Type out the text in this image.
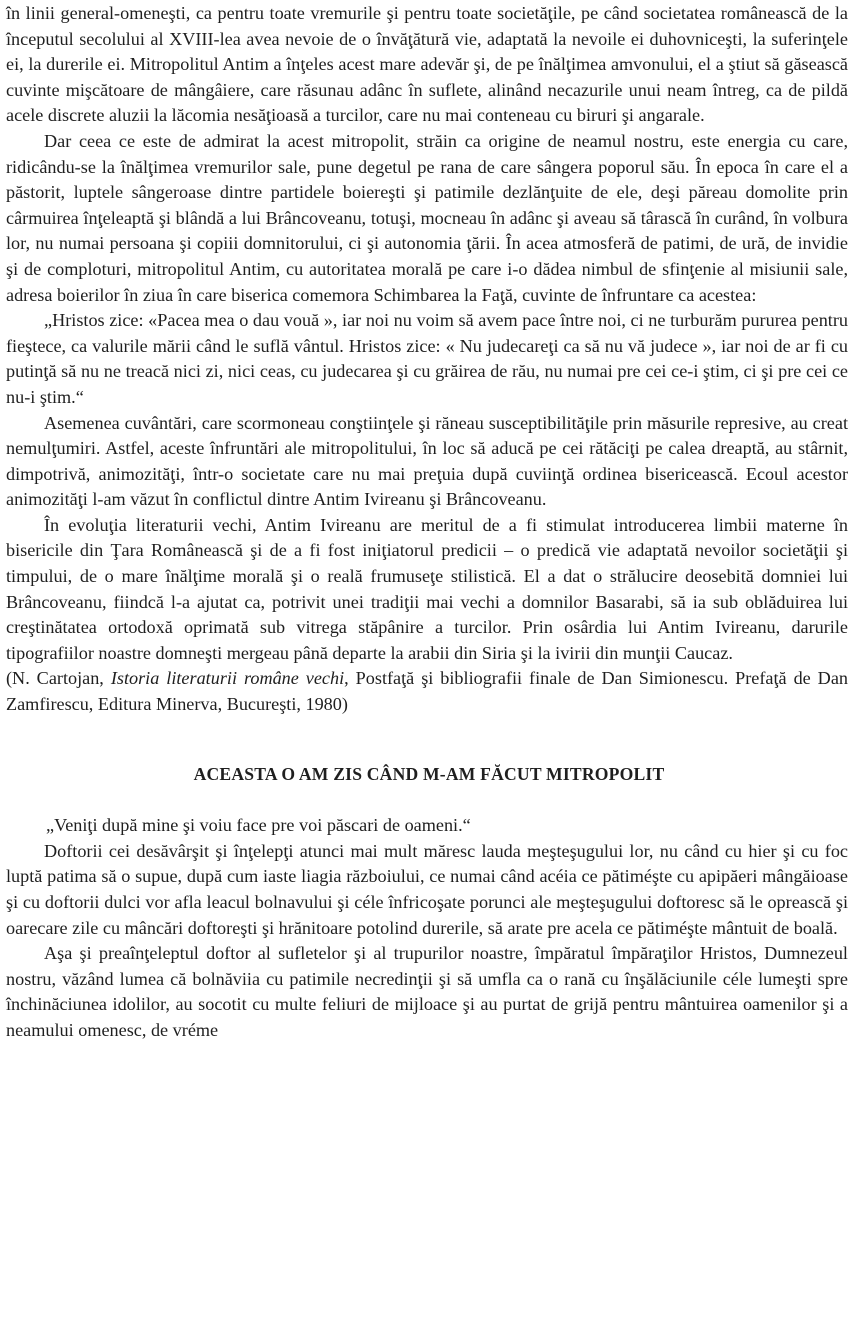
în linii general-omeneşti, ca pentru toate vremurile şi pentru toate societăţile, pe când societatea românească de la începutul secolului al XVIII-lea avea nevoie de o învăţătură vie, adaptată la nevoile ei duhovniceşti, la suferinţele ei, la durerile ei. Mitropolitul Antim a înţeles acest mare adevăr şi, de pe înălţimea amvonului, el a ştiut să găsească cuvinte mişcătoare de mângâiere, care răsunau adânc în suflete, alinând necazurile unui neam întreg, ca de pildă acele discrete aluzii la lăcomia nesăţioasă a turcilor, care nu mai conteneau cu biruri şi angarale.

Dar ceea ce este de admirat la acest mitropolit, străin ca origine de neamul nostru, este energia cu care, ridicându-se la înălţimea vremurilor sale, pune degetul pe rana de care sângera poporul său. În epoca în care el a păstorit, luptele sângeroase dintre partidele boiereşti şi patimile dezlănţuite de ele, deşi păreau domolite prin cârmuirea înţeleaptă şi blândă a lui Brâncoveanu, totuşi, mocneau în adânc şi aveau să târască în curând, în volbura lor, nu numai persoana şi copiii domnitorului, ci şi autonomia ţării. În acea atmosferă de patimi, de ură, de invidie şi de comploturi, mitropolitul Antim, cu autoritatea morală pe care i-o dădea nimbul de sfinţenie al misiunii sale, adresa boierilor în ziua în care biserica comemora Schimbarea la Faţă, cuvinte de înfruntare ca acestea:

„Hristos zice: «Pacea mea o dau vouă », iar noi nu voim să avem pace între noi, ci ne turburăm pururea pentru fieştece, ca valurile mării când le suflă vântul. Hristos zice: « Nu judecareţi ca să nu vă judece », iar noi de ar fi cu putinţă să nu ne treacă nici zi, nici ceas, cu judecarea şi cu grăirea de rău, nu numai pre cei ce-i ştim, ci şi pre cei ce nu-i ştim.“

Asemenea cuvântări, care scormoneau conştiinţele şi răneau susceptibilităţile prin măsurile represive, au creat nemulţumiri. Astfel, aceste înfruntări ale mitropolitului, în loc să aducă pe cei rătăciţi pe calea dreaptă, au stârnit, dimpotrivă, animozităţi, într-o societate care nu mai preţuia după cuviinţă ordinea bisericească. Ecoul acestor animozităţi l-am văzut în conflictul dintre Antim Ivireanu şi Brâncoveanu.

În evoluţia literaturii vechi, Antim Ivireanu are meritul de a fi stimulat introducerea limbii materne în bisericile din Ţara Românească şi de a fi fost iniţiatorul predicii – o predică vie adaptată nevoilor societăţii şi timpului, de o mare înălţime morală şi o reală frumuseţe stilistică. El a dat o strălucire deosebită domniei lui Brâncoveanu, fiindcă l-a ajutat ca, potrivit unei tradiţii mai vechi a domnilor Basarabi, să ia sub oblăduirea lui creştinătatea ortodoxă oprimată sub vitrega stăpânire a turcilor. Prin osârdia lui Antim Ivireanu, darurile tipografiilor noastre domneşti mergeau până departe la arabii din Siria şi la ivirii din munţii Caucaz.

(N. Cartojan, Istoria literaturii române vechi, Postfaţă şi bibliografii finale de Dan Simionescu. Prefaţă de Dan Zamfirescu, Editura Minerva, Bucureşti, 1980)

ACEASTA O AM ZIS CÂND M-AM FĂCUT MITROPOLIT

„Veniţi după mine şi voiu face pre voi păscari de oameni.“

Doftorii cei desăvârşit şi înţelepţi atunci mai mult măresc lauda meşteşugului lor, nu când cu hier şi cu foc luptă patima să o supue, după cum iaste liagia războiului, ce numai când acéia ce pătiméşte cu apipăeri mângăioase şi cu doftorii dulci vor afla leacul bolnavului şi céle înfricoşate porunci ale meşteşugului doftoresc să le oprească şi oarecare zile cu mâncări doftoreşti şi hrănitoare potolind durerile, să arate pre acela ce pătiméşte mântuit de boală.

Aşa şi preaînţeleptul doftor al sufletelor şi al trupurilor noastre, împăratul împăraţilor Hristos, Dumnezeul nostru, văzând lumea că bolnăviia cu patimile necredinţii şi să umfla ca o rană cu înşălăciunile céle lumeşti spre închinăciunea idolilor, au socotit cu multe feliuri de mijloace şi au purtat de grijă pentru mântuirea oamenilor şi a neamului omenesc, de vréme
